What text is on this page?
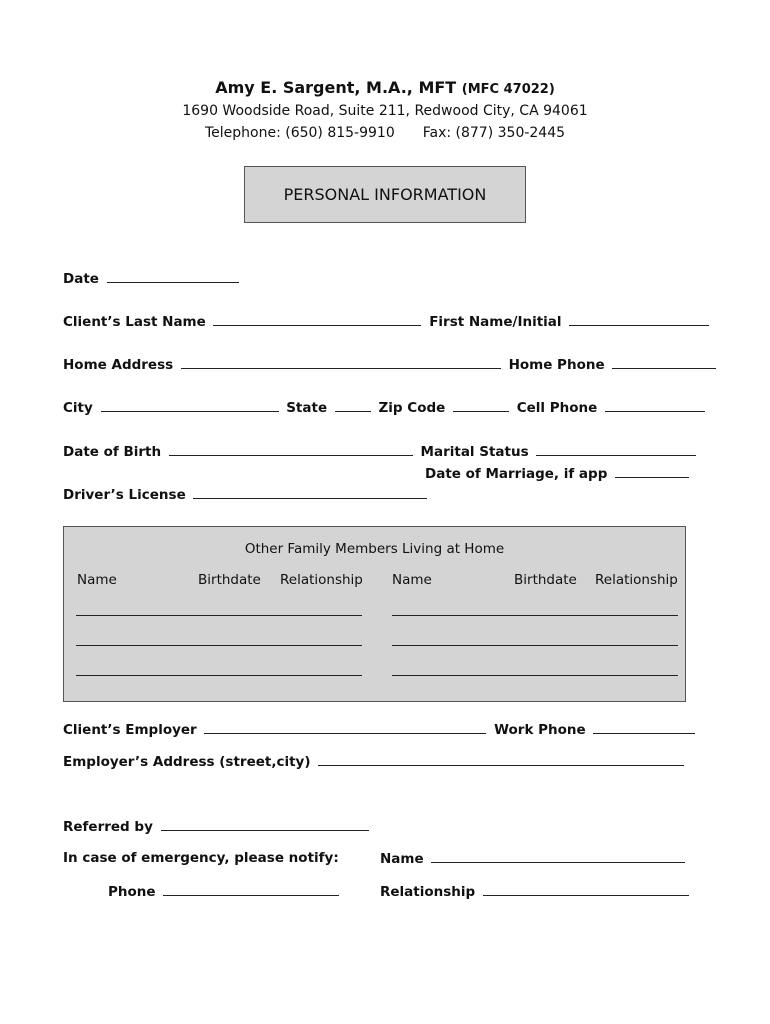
Amy E. Sargent, M.A., MFT (MFC 47022)
1690 Woodside Road, Suite 211, Redwood City, CA 94061
Telephone: (650) 815-9910 Fax: (877) 350-2445
PERSONAL INFORMATION
Date
Client’s Last Name	First Name/Initial
Home Address	Home Phone
City	State	Zip Code	Cell Phone
Date of Birth	Marital Status
Date of Marriage, if app
Driver’s License
Other Family Members Living at Home
Name	Birthdate Relationship Name	Birthdate Relationship
Client’s Employer	Work Phone
Employer’s Address (street,city)
Referred by
In case of emergency, please notify:	Name
Phone	Relationship
